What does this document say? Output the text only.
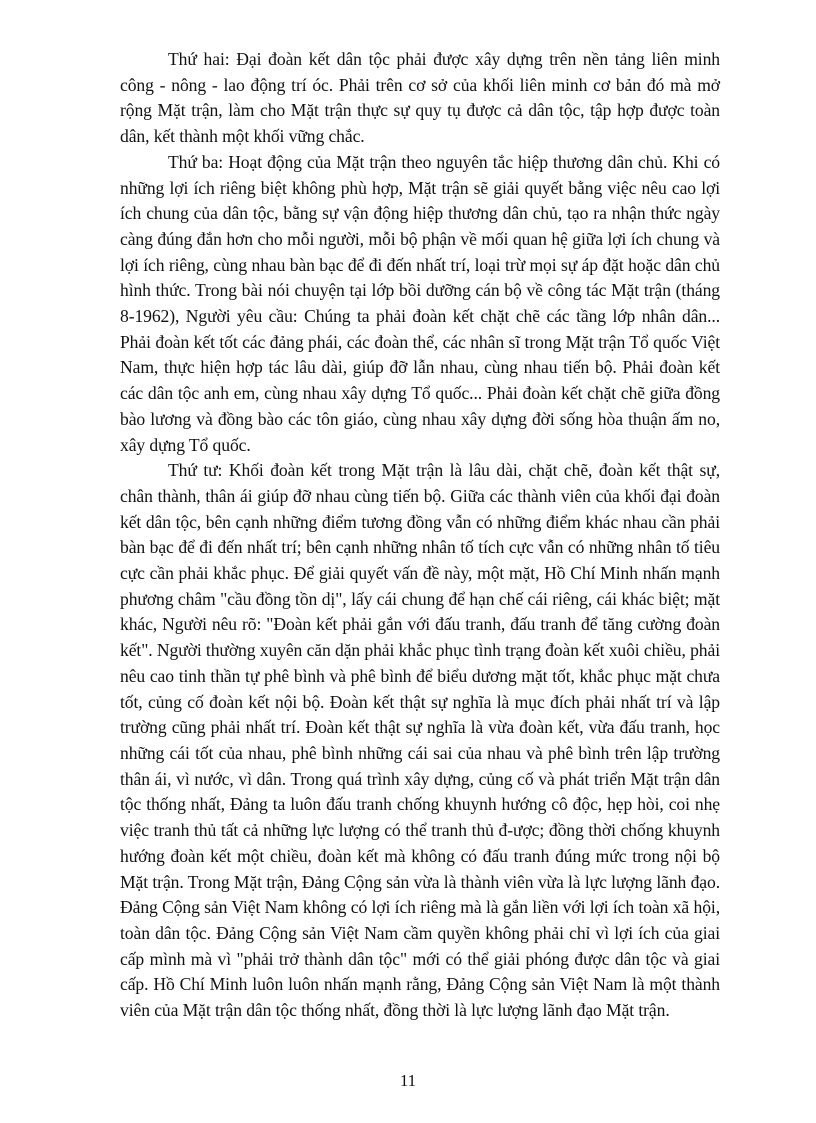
Thứ hai: Đại đoàn kết dân tộc phải được xây dựng trên nền tảng liên minh công - nông - lao động trí óc. Phải trên cơ sở của khối liên minh cơ bản đó mà mở rộng Mặt trận, làm cho Mặt trận thực sự quy tụ được cả dân tộc, tập hợp được toàn dân, kết thành một khối vững chắc.

Thứ ba: Hoạt động của Mặt trận theo nguyên tắc hiệp thương dân chủ. Khi có những lợi ích riêng biệt không phù hợp, Mặt trận sẽ giải quyết bằng việc nêu cao lợi ích chung của dân tộc, bằng sự vận động hiệp thương dân chủ, tạo ra nhận thức ngày càng đúng đắn hơn cho mỗi người, mỗi bộ phận về mối quan hệ giữa lợi ích chung và lợi ích riêng, cùng nhau bàn bạc để đi đến nhất trí, loại trừ mọi sự áp đặt hoặc dân chủ hình thức. Trong bài nói chuyện tại lớp bồi dưỡng cán bộ về công tác Mặt trận (tháng 8-1962), Người yêu cầu: Chúng ta phải đoàn kết chặt chẽ các tầng lớp nhân dân... Phải đoàn kết tốt các đảng phái, các đoàn thể, các nhân sĩ trong Mặt trận Tổ quốc Việt Nam, thực hiện hợp tác lâu dài, giúp đỡ lẫn nhau, cùng nhau tiến bộ. Phải đoàn kết các dân tộc anh em, cùng nhau xây dựng Tổ quốc... Phải đoàn kết chặt chẽ giữa đồng bào lương và đồng bào các tôn giáo, cùng nhau xây dựng đời sống hòa thuận ấm no, xây dựng Tổ quốc.

Thứ tư: Khối đoàn kết trong Mặt trận là lâu dài, chặt chẽ, đoàn kết thật sự, chân thành, thân ái giúp đỡ nhau cùng tiến bộ. Giữa các thành viên của khối đại đoàn kết dân tộc, bên cạnh những điểm tương đồng vẫn có những điểm khác nhau cần phải bàn bạc để đi đến nhất trí; bên cạnh những nhân tố tích cực vẫn có những nhân tố tiêu cực cần phải khắc phục. Để giải quyết vấn đề này, một mặt, Hồ Chí Minh nhấn mạnh phương châm "cầu đồng tồn dị", lấy cái chung để hạn chế cái riêng, cái khác biệt; mặt khác, Người nêu rõ: "Đoàn kết phải gắn với đấu tranh, đấu tranh để tăng cường đoàn kết". Người thường xuyên căn dặn phải khắc phục tình trạng đoàn kết xuôi chiều, phải nêu cao tinh thần tự phê bình và phê bình để biểu dương mặt tốt, khắc phục mặt chưa tốt, củng cố đoàn kết nội bộ. Đoàn kết thật sự nghĩa là mục đích phải nhất trí và lập trường cũng phải nhất trí. Đoàn kết thật sự nghĩa là vừa đoàn kết, vừa đấu tranh, học những cái tốt của nhau, phê bình những cái sai của nhau và phê bình trên lập trường thân ái, vì nước, vì dân. Trong quá trình xây dựng, củng cố và phát triển Mặt trận dân tộc thống nhất, Đảng ta luôn đấu tranh chống khuynh hướng cô độc, hẹp hòi, coi nhẹ việc tranh thủ tất cả những lực lượng có thể tranh thủ đ-ược; đồng thời chống khuynh hướng đoàn kết một chiều, đoàn kết mà không có đấu tranh đúng mức trong nội bộ Mặt trận. Trong Mặt trận, Đảng Cộng sản vừa là thành viên vừa là lực lượng lãnh đạo. Đảng Cộng sản Việt Nam không có lợi ích riêng mà là gắn liền với lợi ích toàn xã hội, toàn dân tộc. Đảng Cộng sản Việt Nam cầm quyền không phải chỉ vì lợi ích của giai cấp mình mà vì "phải trở thành dân tộc" mới có thể giải phóng được dân tộc và giai cấp. Hồ Chí Minh luôn luôn nhấn mạnh rằng, Đảng Cộng sản Việt Nam là một thành viên của Mặt trận dân tộc thống nhất, đồng thời là lực lượng lãnh đạo Mặt trận.

11
